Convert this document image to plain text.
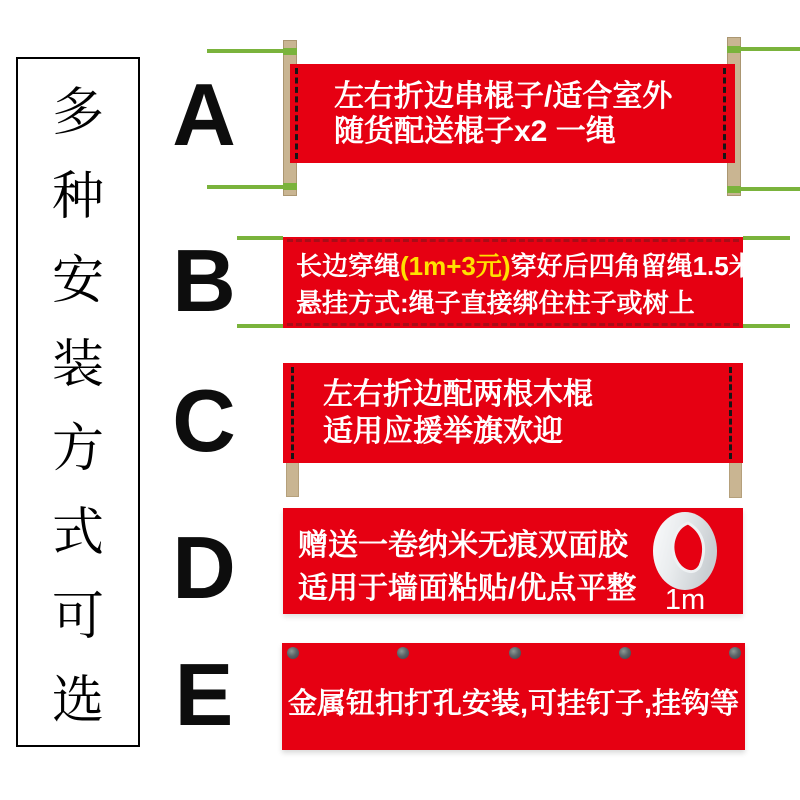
多种安装方式可选
A	左右折边串棍子/适合室外
随货配送棍子x2 一绳
B 长边穿绳(1m+3元)穿好后四角留绳1.5米
悬挂方式:绳子直接绑住柱子或树上
C	左右折边配两根木棍
适用应援举旗欢迎
D 赠送一卷纳米无痕双面胶
适用于墙面粘贴/优点平整 1m
E 金属钮扣打孔安装,可挂钉子,挂钩等
